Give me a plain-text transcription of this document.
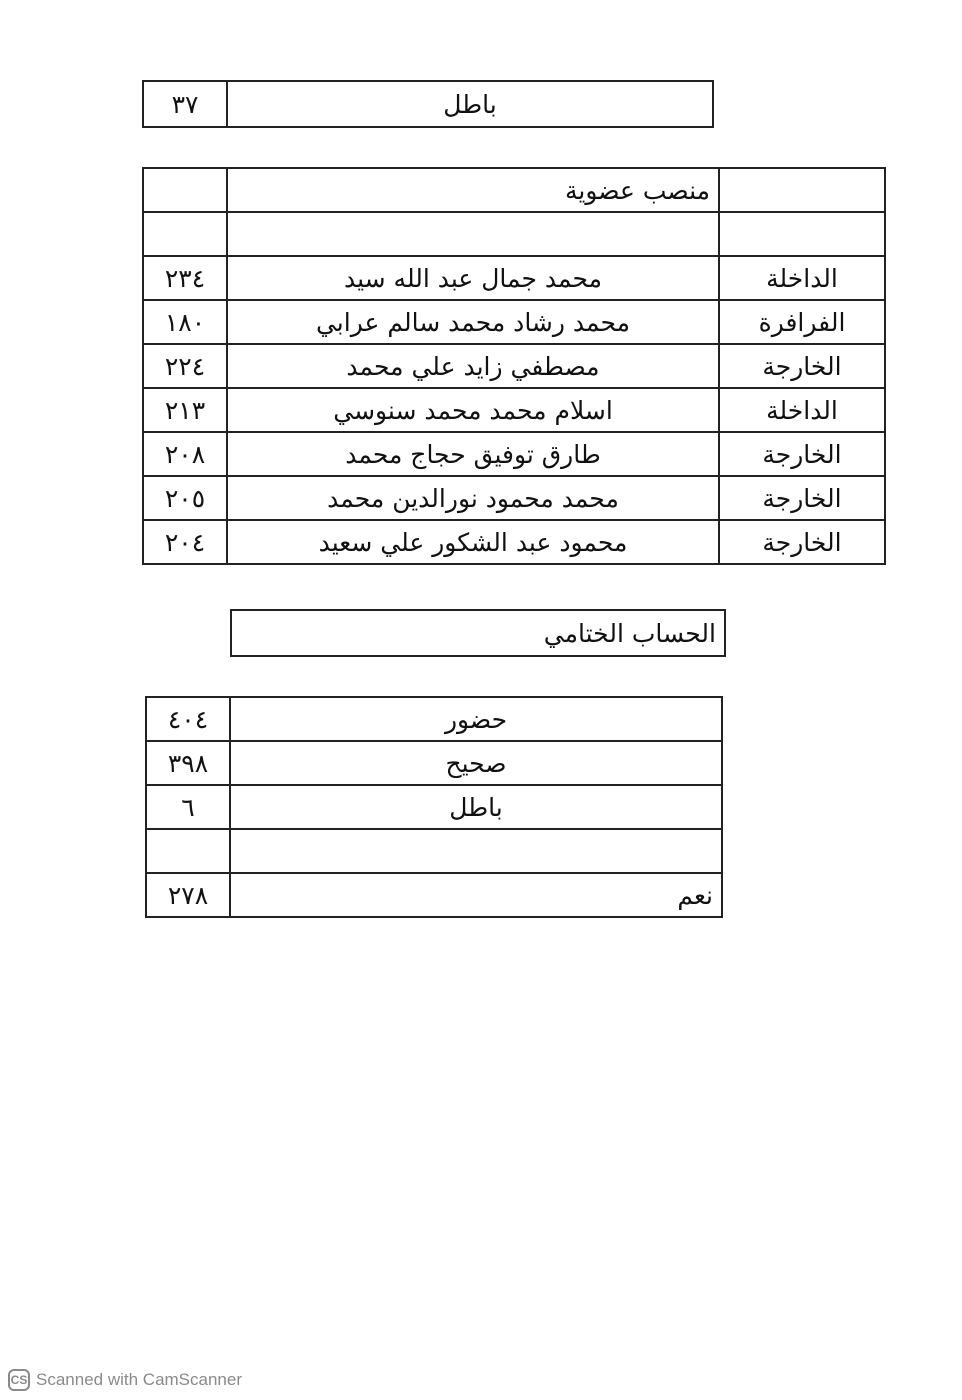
٣٧	باطل
	منصب عضوية	

٢٣٤	محمد جمال عبد الله سيد	الداخلة
١٨٠	محمد رشاد محمد سالم عرابي	الفرافرة
٢٢٤	مصطفي زايد علي محمد	الخارجة
٢١٣	اسلام محمد محمد سنوسي	الداخلة
٢٠٨	طارق توفيق حجاج محمد	الخارجة
٢٠٥	محمد محمود نورالدين محمد	الخارجة
٢٠٤	محمود عبد الشكور علي سعيد	الخارجة
الحساب الختامي
٤٠٤	حضور
٣٩٨	صحيح
٦	باطل

٢٧٨	نعم
CS Scanned with CamScanner
